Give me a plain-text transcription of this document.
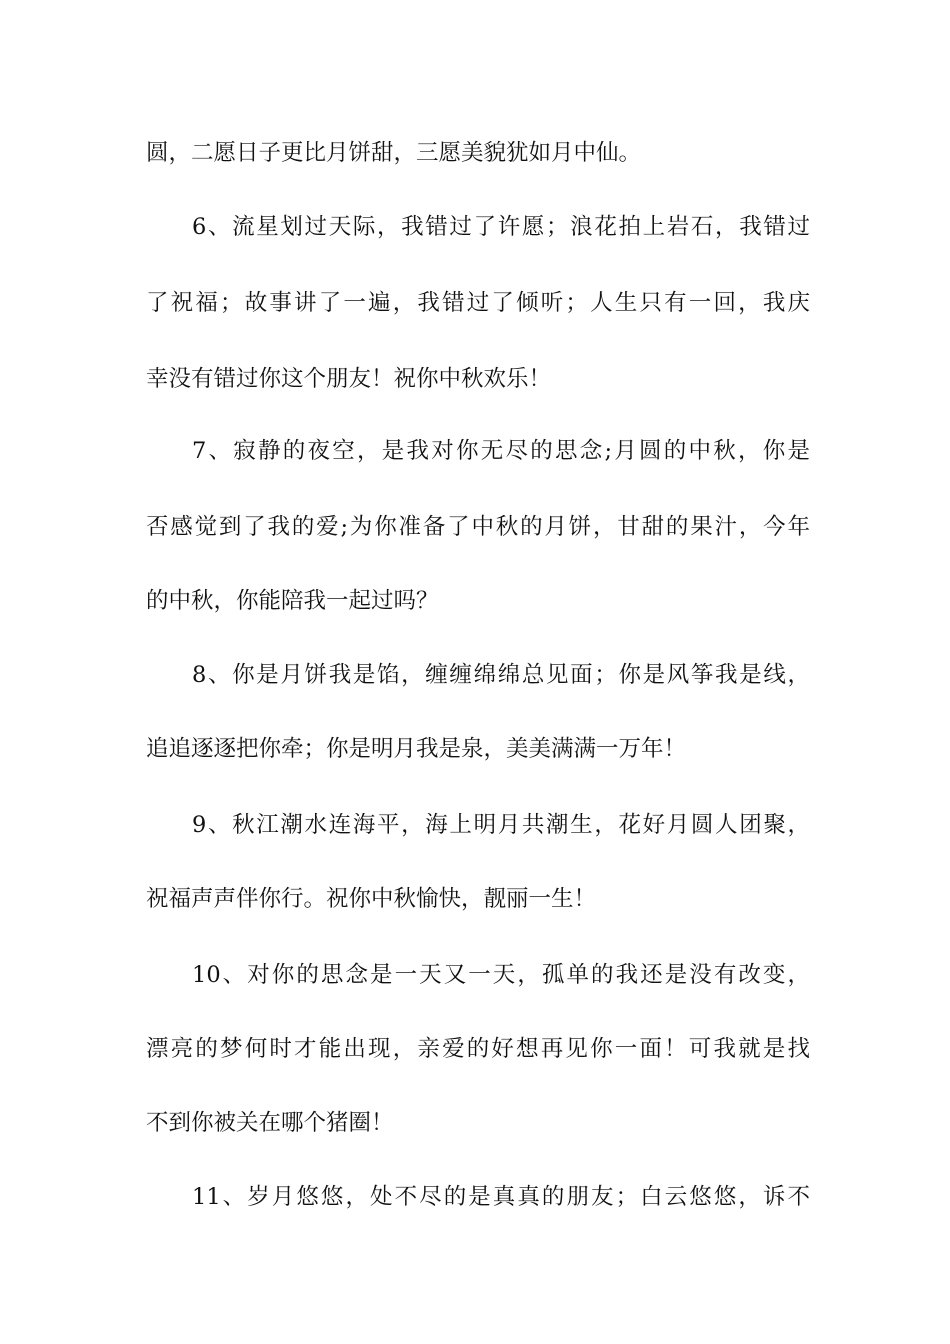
圆，二愿日子更比月饼甜，三愿美貌犹如月中仙。
6、流星划过天际，我错过了许愿；浪花拍上岩石，我错过
了祝福；故事讲了一遍，我错过了倾听；人生只有一回，我庆
幸没有错过你这个朋友！祝你中秋欢乐！
7、寂静的夜空，是我对你无尽的思念;月圆的中秋，你是
否感觉到了我的爱;为你准备了中秋的月饼，甘甜的果汁，今年
的中秋，你能陪我一起过吗？
8、你是月饼我是馅，缠缠绵绵总见面；你是风筝我是线，
追追逐逐把你牵；你是明月我是泉，美美满满一万年！
9、秋江潮水连海平，海上明月共潮生，花好月圆人团聚，
祝福声声伴你行。祝你中秋愉快，靓丽一生！
10、对你的思念是一天又一天，孤单的我还是没有改变，
漂亮的梦何时才能出现，亲爱的好想再见你一面！可我就是找
不到你被关在哪个猪圈！
11、岁月悠悠，处不尽的是真真的朋友；白云悠悠，诉不
